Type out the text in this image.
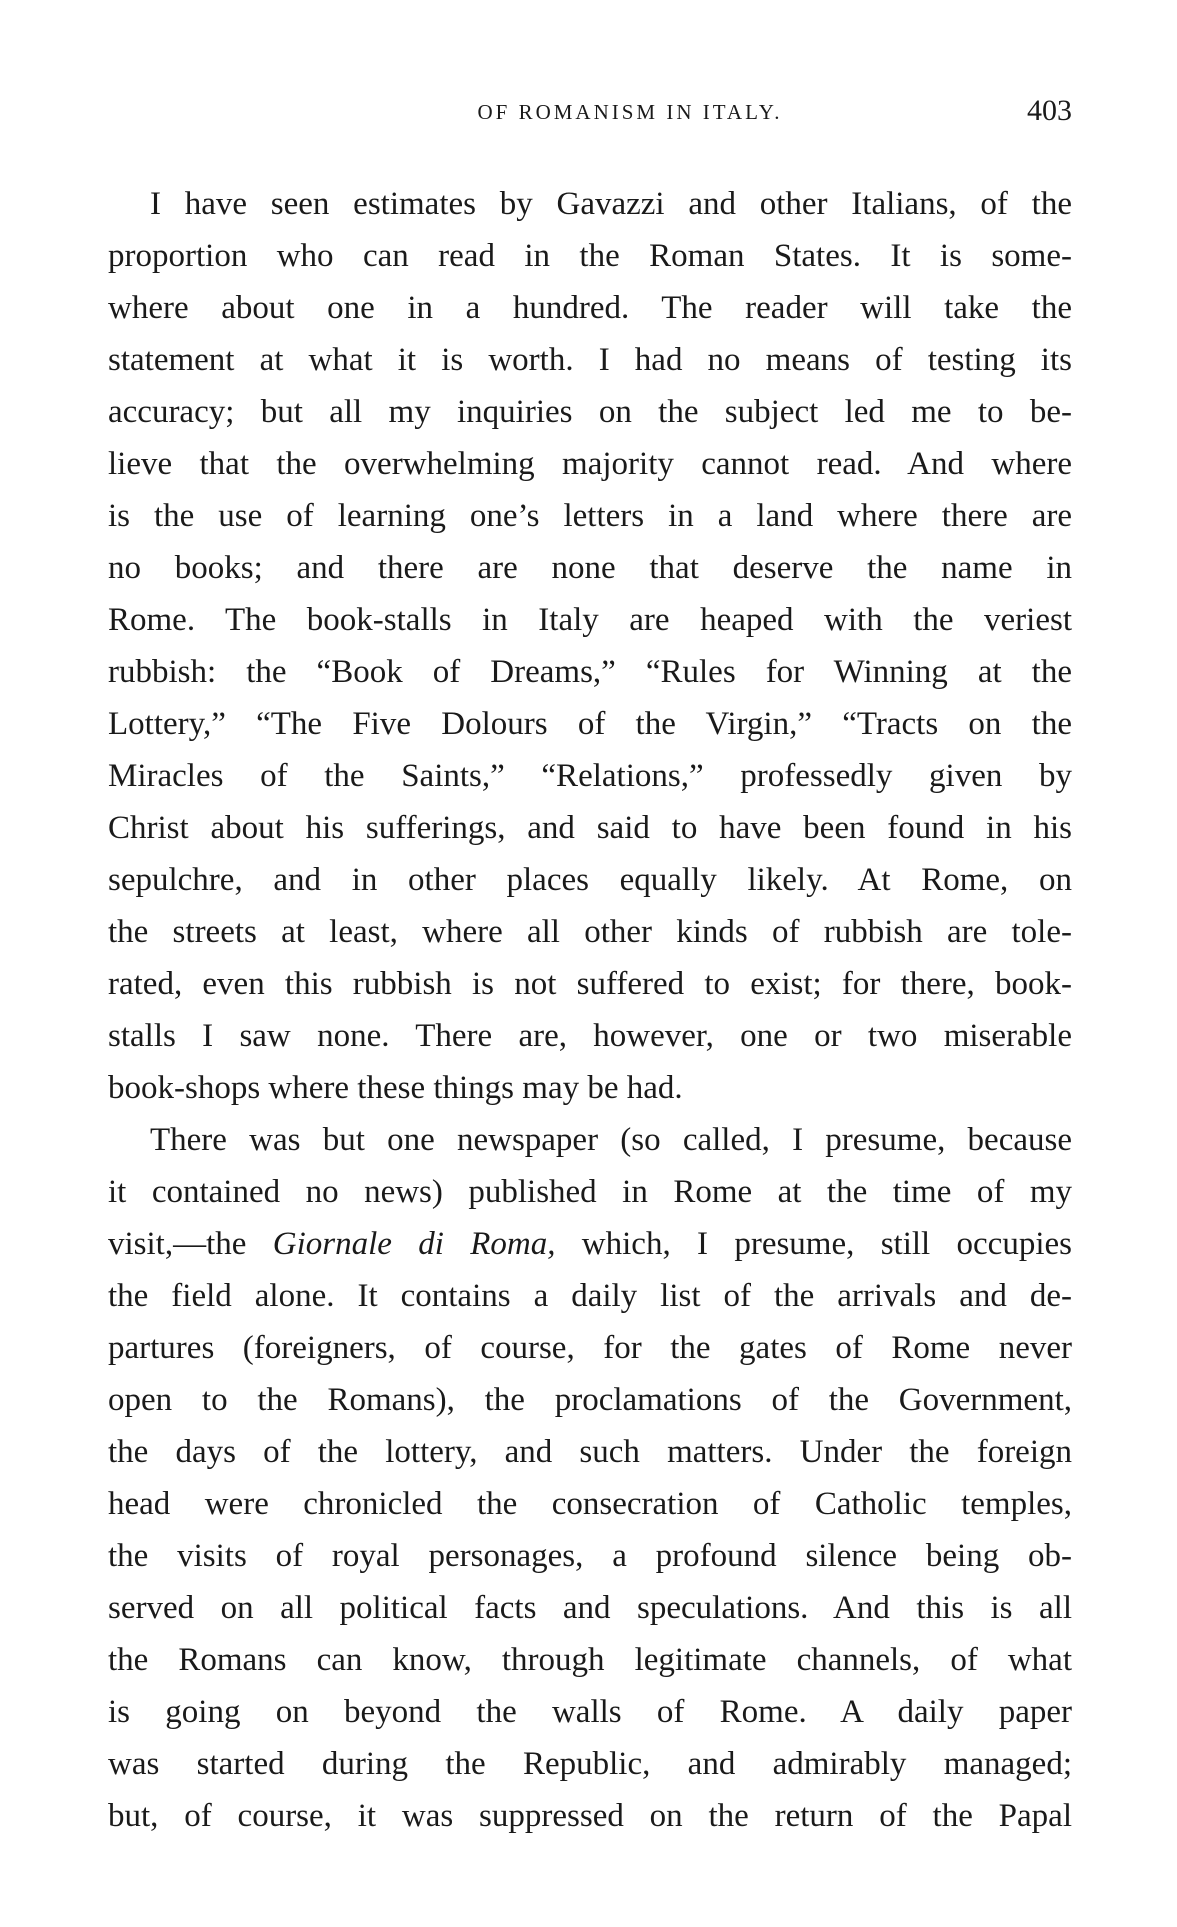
OF ROMANISM IN ITALY.	403
I have seen estimates by Gavazzi and other Italians, of the
proportion who can read in the Roman States. It is some-
where about one in a hundred. The reader will take the
statement at what it is worth. I had no means of testing its
accuracy; but all my inquiries on the subject led me to be-
lieve that the overwhelming majority cannot read. And where
is the use of learning one’s letters in a land where there are
no books; and there are none that deserve the name in
Rome. The book-stalls in Italy are heaped with the veriest
rubbish: the “Book of Dreams,” “Rules for Winning at the
Lottery,” “The Five Dolours of the Virgin,” “Tracts on the
Miracles of the Saints,” “Relations,” professedly given by
Christ about his sufferings, and said to have been found in his
sepulchre, and in other places equally likely. At Rome, on
the streets at least, where all other kinds of rubbish are tole-
rated, even this rubbish is not suffered to exist; for there, book-
stalls I saw none. There are, however, one or two miserable
book-shops where these things may be had.
There was but one newspaper (so called, I presume, because
it contained no news) published in Rome at the time of my
visit,—the Giornale di Roma, which, I presume, still occupies
the field alone. It contains a daily list of the arrivals and de-
partures (foreigners, of course, for the gates of Rome never
open to the Romans), the proclamations of the Government,
the days of the lottery, and such matters. Under the foreign
head were chronicled the consecration of Catholic temples,
the visits of royal personages, a profound silence being ob-
served on all political facts and speculations. And this is all
the Romans can know, through legitimate channels, of what
is going on beyond the walls of Rome. A daily paper
was started during the Republic, and admirably managed;
but, of course, it was suppressed on the return of the Papal
